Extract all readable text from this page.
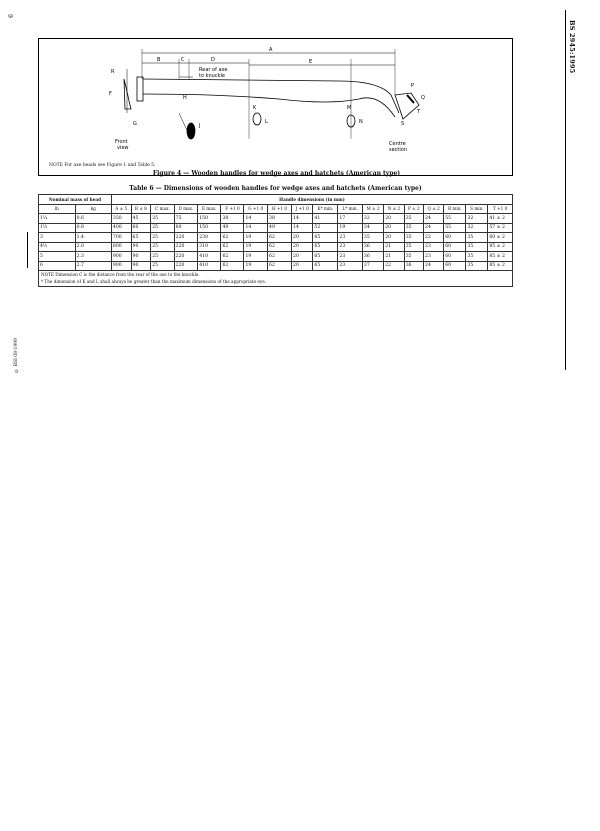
6
© BSI 08-1999
BS 2945:1995
A
B	C	D	E
F
G
H
J
K
L
M
N
P
Q
R
S
T
Rear of axe
to knuckle
Front
view
Centre
section
NOTE For axe heads see Figure 1 and Table 5.
Figure 4 — Wooden handles for wedge axes and hatchets (American type)
Table 6 — Dimensions of wooden handles for wedge axes and hatchets (American type)
Nominal mass of head		Handle dimensions (in mm)																	
lb	kg	A ± 5	B ± 8	C max.	D max.	E max.	F +1 0	G +1 0	H +1 0	J +1 0	K* min.	L* min.	M ± 2	N ± 2	P ± 2	Q ± 2	R min.	S min.	T +1 0
1¼	0.6	350	45	25	75	150	38	14	38	14	41	17	32	20	35	24	55	32	41 ± 2
1½	0.8	400	60	25	80	150	49	14	49	14	52	19	34	20	35	24	55	32	57 ± 2
3	1.4	700	65	25	220	230	62	19	62	20	65	23	35	20	35	22	60	35	60 ± 2
4½	2.0	800	90	25	220	310	62	19	62	20	65	23	36	21	35	23	60	35	85 ± 2
5	2.3	900	90	25	220	410	62	19	62	20	65	23	36	21	35	23	60	35	85 ± 2
6	2.7	900	90	25	220	410	62	19	62	20	65	23	37	22	36	24	60	35	85 ± 2

NOTE Dimension C is the distance from the rear of the axe to the knuckle.
* The dimension of K and L shall always be greater than the maximum dimensions of the appropriate eye.																			
